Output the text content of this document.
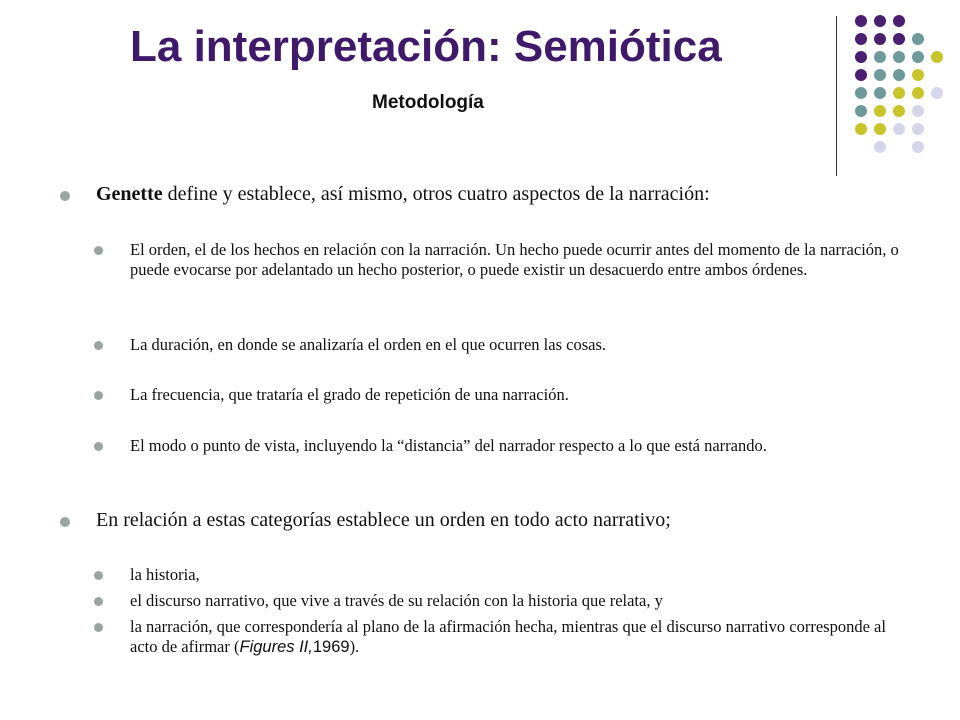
La interpretación: Semiótica
Metodología
Genette define y establece, así mismo, otros cuatro aspectos de la narración:
El orden, el de los hechos en relación con la narración. Un hecho puede ocurrir antes del momento de la narración, o puede evocarse por adelantado un hecho posterior, o puede existir un desacuerdo entre ambos órdenes.
La duración, en donde se analizaría el orden en el que ocurren las cosas.
La frecuencia, que trataría el grado de repetición de una narración.
El modo o punto de vista, incluyendo la “distancia” del narrador respecto a lo que está narrando.
En relación a estas categorías establece un orden en todo acto narrativo;
la historia,
el discurso narrativo, que vive a través de su relación con la historia que relata, y
la narración, que correspondería al plano de la afirmación hecha, mientras que el discurso narrativo corresponde al acto de afirmar (Figures II,1969).
